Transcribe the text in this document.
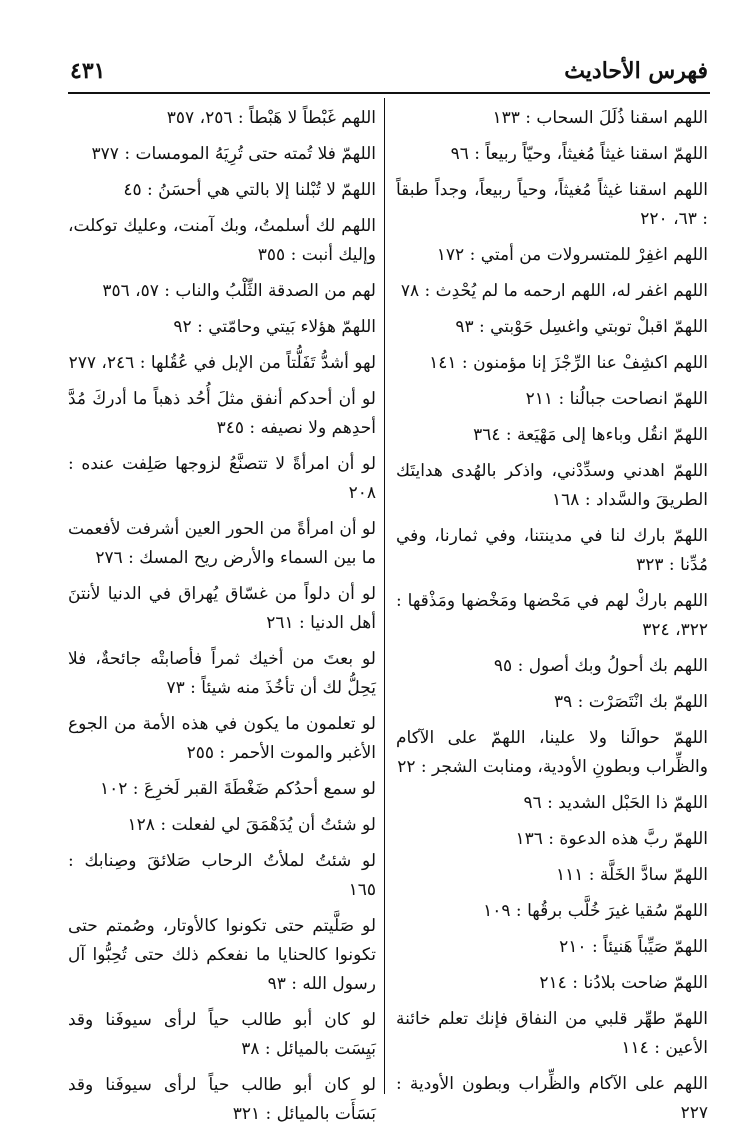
فهرس الأحاديث
٤٣١
اللهم اسقنا ذُلَلَ السحاب : ١٣٣
اللهمّ اسقنا غيثاً مُغيثاً، وحيّاً ربيعاً : ٩٦
اللهم اسقنا غيثاً مُغيثاً، وحياً ربيعاً، وجداً طبقاً : ٦٣، ٢٢٠
اللهم اغفِرْ للمتسرولات من أمتي : ١٧٢
اللهم اغفر له، اللهم ارحمه ما لم يُحْدِث : ٧٨
اللهمّ اقبلْ توبتي واغسِل حَوْبتي : ٩٣
اللهم اكشِفْ عنا الرِّجْزَ إنا مؤمنون : ١٤١
اللهمّ انصاحت جبالُنا : ٢١١
اللهمّ انقُل وباءها إلى مَهْيَعة : ٣٦٤
اللهمّ اهدني وسدِّدْني، واذكر بالهُدى هدايتَك الطريقَ والسَّداد : ١٦٨
اللهمّ بارك لنا في مدينتنا، وفي ثمارنا، وفي مُدِّنا : ٣٢٣
اللهم باركْ لهم في مَحْضها ومَخْضها ومَذْقها : ٣٢٢، ٣٢٤
اللهم بك أحولُ وبك أصول : ٩٥
اللهمّ بك انْتَصَرْت : ٣٩
اللهمّ حوالَنا ولا علينا، اللهمّ على الآكام والظِّراب وبطونِ الأودية، ومنابت الشجر : ٢٢
اللهمّ ذا الحَبْل الشديد : ٩٦
اللهمّ ربَّ هذه الدعوة : ١٣٦
اللهمّ سادَّ الخَلَّة : ١١١
اللهمّ سُقيا غيرَ خُلَّب برقُها : ١٠٩
اللهمّ صَيِّباً هَنيئاً : ٢١٠
اللهمّ ضاحت بلادُنا : ٢١٤
اللهمّ طهِّر قلبي من النفاق فإنك تعلم خائنة الأعين : ١١٤
اللهم على الآكام والظِّراب وبطون الأودية : ٢٢٧
اللهم غَبْطاً لا هَبْطاً : ٢٥٦، ٣٥٧
اللهمّ فلا تُمته حتى تُرِيَهُ المومسات : ٣٧٧
اللهمّ لا تُبْلنا إلا بالتي هي أحسَنُ : ٤٥
اللهم لك أسلمتُ، وبك آمنت، وعليك توكلت، وإليك أنبت : ٣٥٥
لهم من الصدقة الثِّلْبُ والناب : ٥٧، ٣٥٦
اللهمّ هؤلاء بَيتي وحامّتي : ٩٢
لهو أشدُّ تَفَلُّتاً من الإبل في عُقُلها : ٢٤٦، ٢٧٧
لو أن أحدكم أنفق مثلَ أُحُد ذهباً ما أدركَ مُدَّ أحدِهم ولا نصيفه : ٣٤٥
لو أن امرأةً لا تتصنَّعُ لزوجها صَلِفت عنده : ٢٠٨
لو أن امرأةً من الحور العين أشرفت لأفعمت ما بين السماء والأرض ريح المسك : ٢٧٦
لو أن دلواً من غسّاق يُهراق في الدنيا لأنتنَ أهل الدنيا : ٢٦١
لو بعتَ من أخيك ثمراً فأصابتْه جائحةٌ، فلا يَحِلُّ لك أن تأخُذَ منه شيئاً : ٧٣
لو تعلمون ما يكون في هذه الأمة من الجوع الأغبر والموت الأحمر : ٢٥٥
لو سمع أحدُكم ضَغْطَةَ القبر لَخرِعَ : ١٠٢
لو شئتُ أن يُدَهْمَقَ لي لفعلت : ١٢٨
لو شئتُ لملأتُ الرحاب صَلائقَ وصِنابك : ١٦٥
لو صَلَّيتم حتى تكونوا كالأوتار، وصُمتم حتى تكونوا كالحنايا ما نفعكم ذلك حتى تُحِبُّوا آل رسول الله : ٩٣
لو كان أبو طالب حياً لرأى سيوفَنا وقد بَيِسَت بالميائل : ٣٨
لو كان أبو طالب حياً لرأى سيوفَنا وقد بَسَأَت بالميائل : ٣٢١
